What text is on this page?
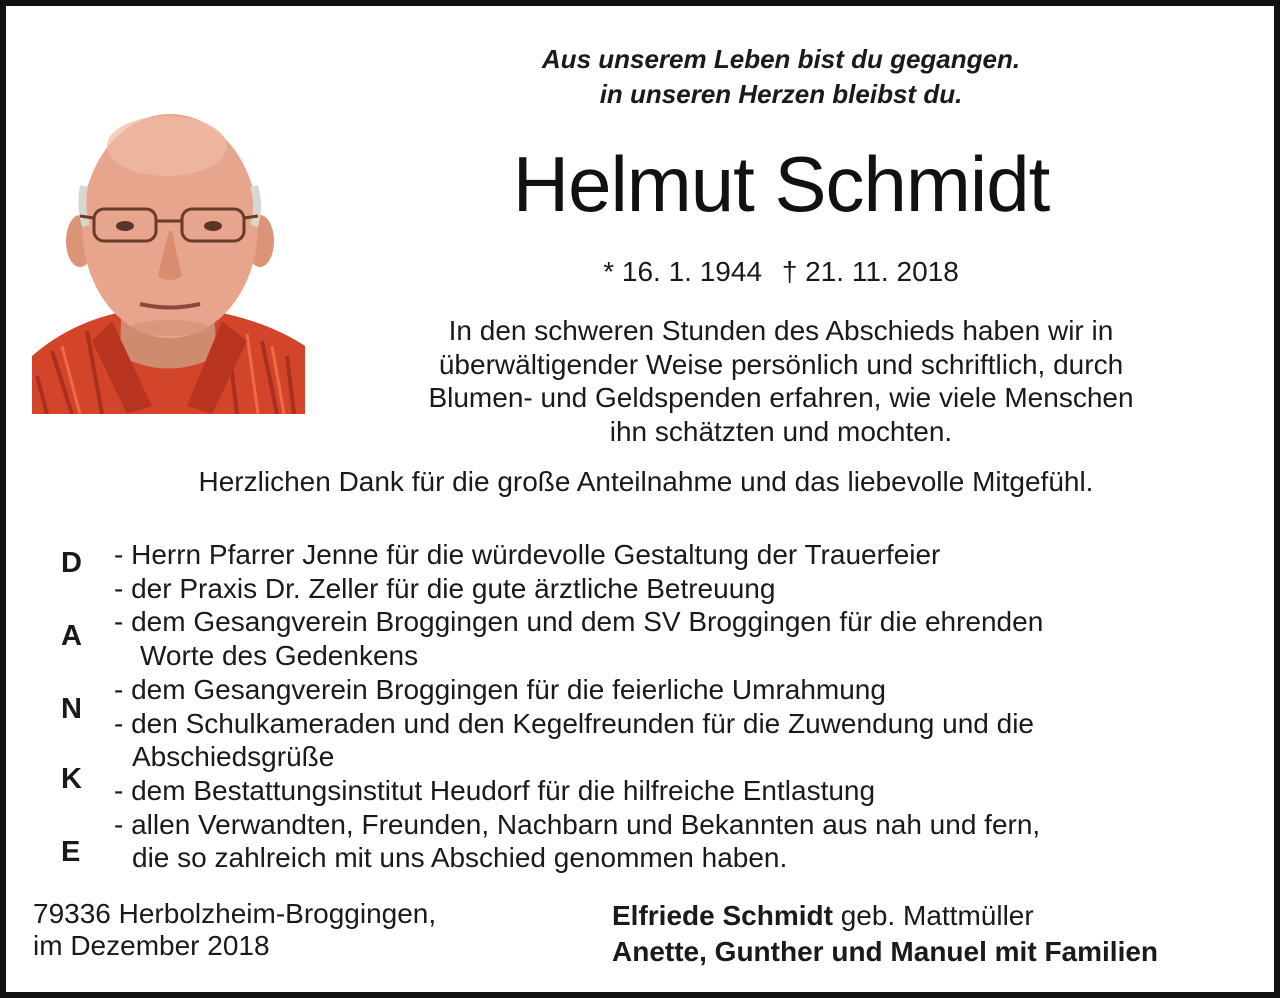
Aus unserem Leben bist du gegangen.
in unseren Herzen bleibst du.
Helmut Schmidt
* 16. 1. 1944 † 21. 11. 2018
In den schweren Stunden des Abschieds haben wir in
überwältigender Weise persönlich und schriftlich, durch
Blumen- und Geldspenden erfahren, wie viele Menschen
ihn schätzten und mochten.
Herzlichen Dank für die große Anteilnahme und das liebevolle Mitgefühl.
D
A
N
K
E
- Herrn Pfarrer Jenne für die würdevolle Gestaltung der Trauerfeier
- der Praxis Dr. Zeller für die gute ärztliche Betreuung
- dem Gesangverein Broggingen und dem SV Broggingen für die ehrenden
Worte des Gedenkens
- dem Gesangverein Broggingen für die feierliche Umrahmung
- den Schulkameraden und den Kegelfreunden für die Zuwendung und die
Abschiedsgrüße
- dem Bestattungsinstitut Heudorf für die hilfreiche Entlastung
- allen Verwandten, Freunden, Nachbarn und Bekannten aus nah und fern,
die so zahlreich mit uns Abschied genommen haben.
79336 Herbolzheim-Broggingen,
im Dezember 2018
Elfriede Schmidt geb. Mattmüller
Anette, Gunther und Manuel mit Familien
